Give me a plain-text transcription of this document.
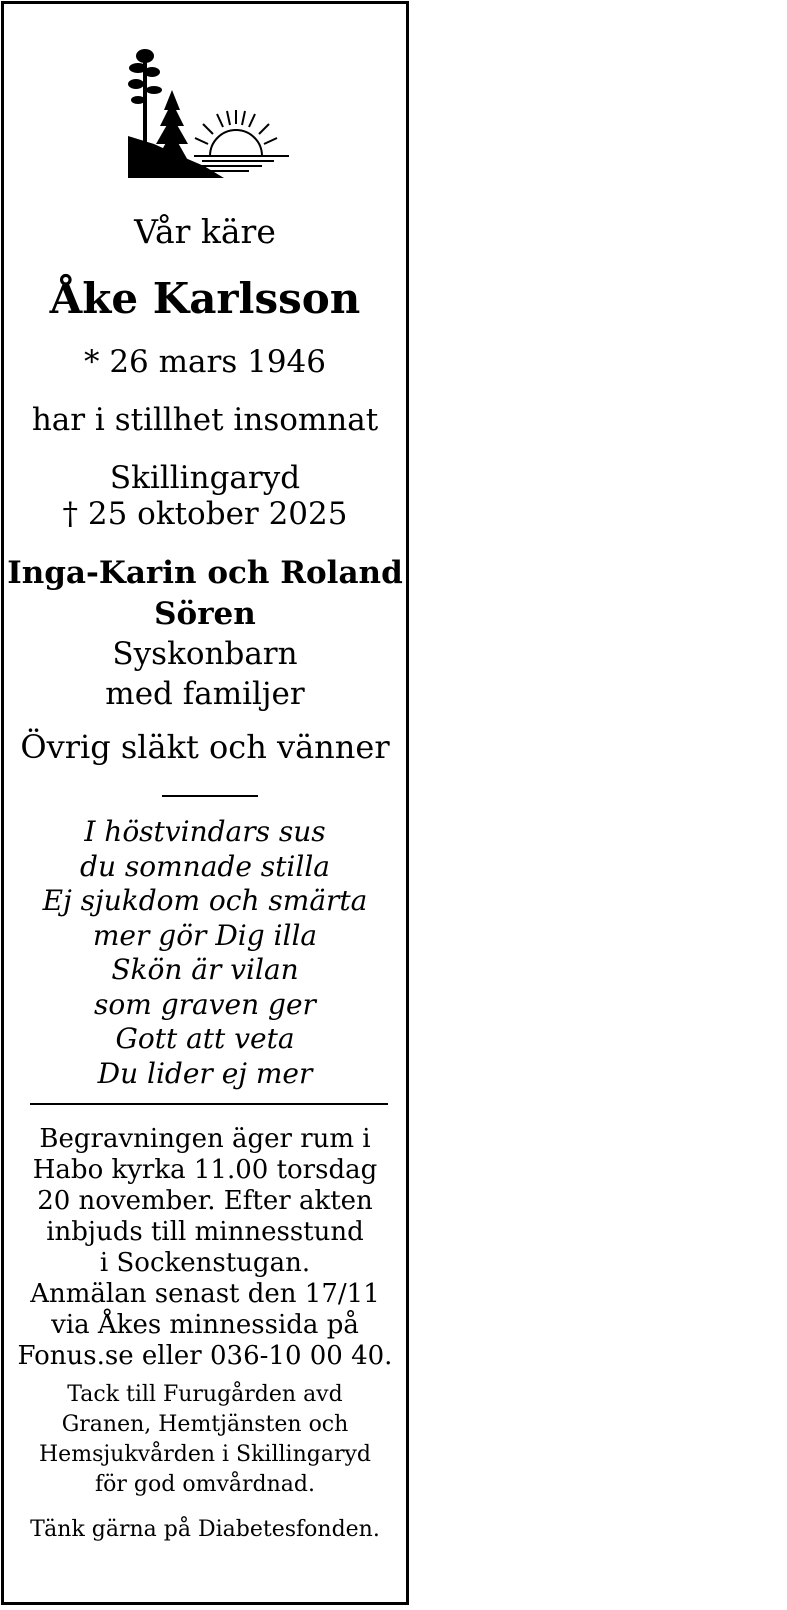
Vår käre
Åke Karlsson
* 26 mars 1946
har i stillhet insomnat
Skillingaryd
† 25 oktober 2025
Inga-Karin och Roland
Sören
Syskonbarn
med familjer
Övrig släkt och vänner
I höstvindars sus
du somnade stilla
Ej sjukdom och smärta
mer gör Dig illa
Skön är vilan
som graven ger
Gott att veta
Du lider ej mer
Begravningen äger rum i
Habo kyrka 11.00 torsdag
20 november. Efter akten
inbjuds till minnesstund
i Sockenstugan.
Anmälan senast den 17/11
via Åkes minnessida på
Fonus.se eller 036-10 00 40.
Tack till Furugården avd
Granen, Hemtjänsten och
Hemsjukvården i Skillingaryd
för god omvårdnad.
Tänk gärna på Diabetesfonden.
